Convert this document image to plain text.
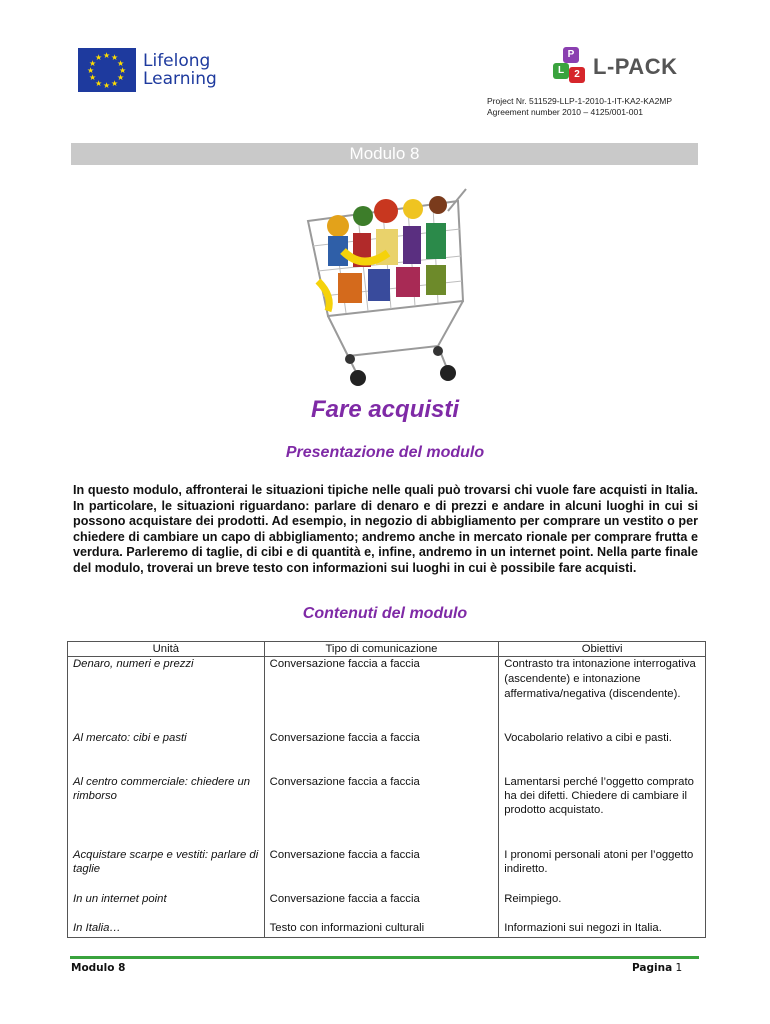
★ ★
★
★
★
★
★
★
★
★
★
★ Lifelong
Learning
P
L	2 L-PACK
Project Nr. 511529-LLP-1-2010-1-IT-KA2-KA2MP
Agreement number 2010 – 4125/001-001
Modulo 8
Fare acquisti
Presentazione del modulo

In questo modulo, affronterai le situazioni tipiche nelle quali può trovarsi chi vuole fare acquisti in Italia. In particolare, le situazioni riguardano: parlare di denaro e di prezzi e andare in alcuni luoghi in cui si possono acquistare dei prodotti. Ad esempio, in negozio di abbigliamento per comprare un vestito o per chiedere di cambiare un capo di abbigliamento; andremo anche in mercato rionale per comprare frutta e verdura. Parleremo di taglie, di cibi e di quantità e, infine, andremo in un internet point. Nella parte finale del modulo, troverai un breve testo con informazioni sui luoghi in cui è possibile fare acquisti.

Contenuti del modulo
Unità	Tipo di comunicazione	Obiettivi
Denaro, numeri e prezzi	Conversazione faccia a faccia	Contrasto tra intonazione interrogativa (ascendente) e intonazione affermativa/negativa (discendente).
Al mercato: cibi e pasti	Conversazione faccia a faccia	Vocabolario relativo a cibi e pasti.
Al centro commerciale: chiedere un rimborso	Conversazione faccia a faccia	Lamentarsi perché l’oggetto comprato ha dei difetti. Chiedere di cambiare il prodotto acquistato.
Acquistare scarpe e vestiti: parlare di taglie	Conversazione faccia a faccia	I pronomi personali atoni per l’oggetto indiretto.
In un internet point	Conversazione faccia a faccia	Reimpiego.
In Italia…	Testo con informazioni culturali	Informazioni sui negozi in Italia.
Modulo 8	Pagina 1
